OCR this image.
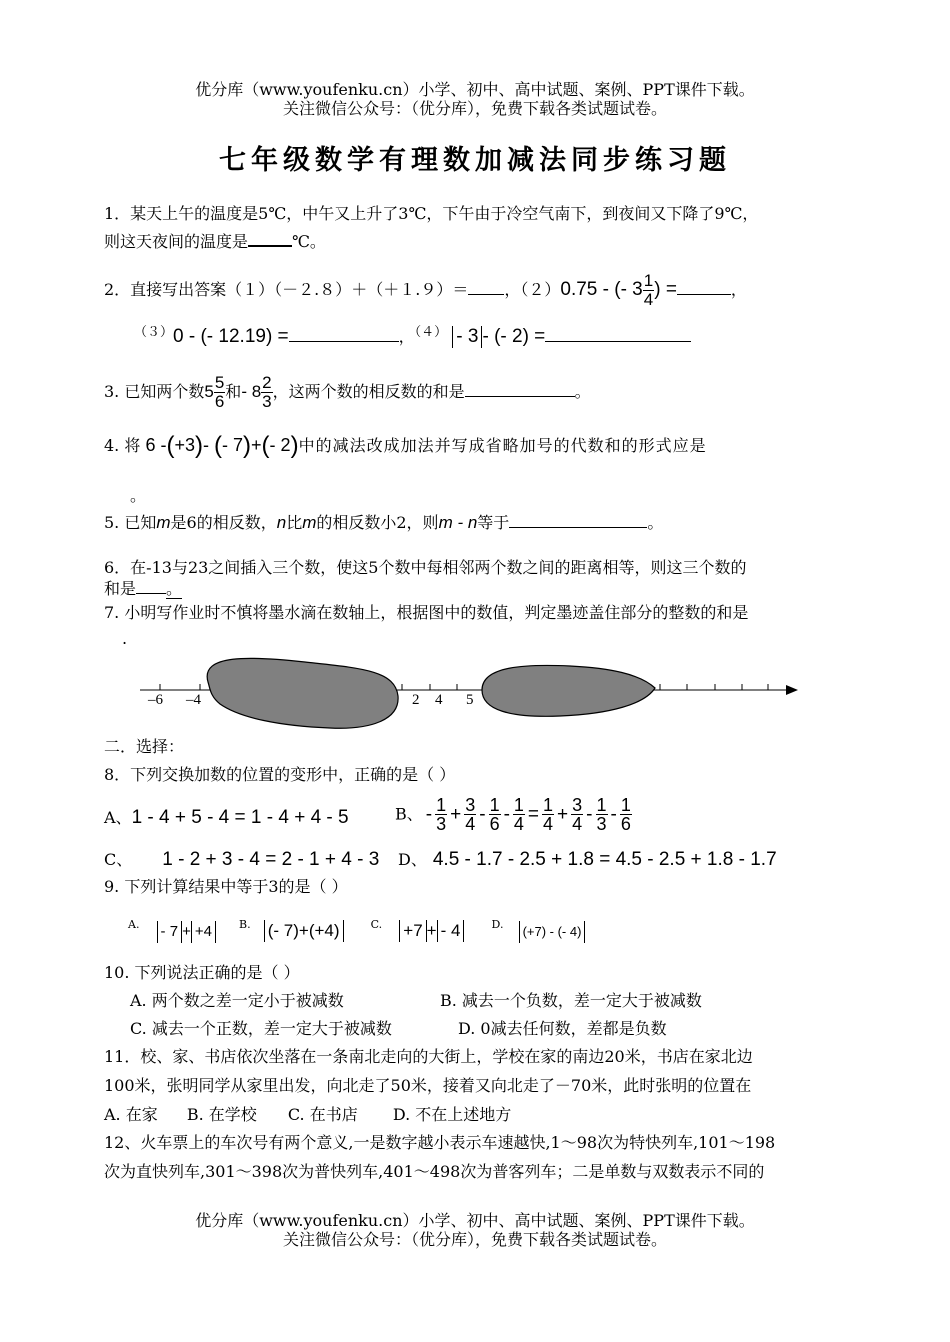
优分库（www.youfenku.cn）小学、初中、高中试题、案例、PPT课件下载。
关注微信公众号：（优分库），免费下载各类试题试卷。
七年级数学有理数加减法同步练习题
1．某天上午的温度是5℃，中午又上升了3℃，下午由于冷空气南下，到夜间又下降了9℃，
则这天夜间的温度是	℃。
2．直接写出答案（１）（－２.８）＋（＋１.９）＝ ，（２）0.75 - (- $3 \frac{1}{4}$ ) =	，
$^{(3)}$0 - (- 12.19) =	，$^{(4)}$ - 3 - (- 2) =
3. 已知两个数$5 \frac{5}{6}$ 和- $8 \frac{2}{3}$ ，这两个数的相反数的和是	。
4. 将 6 -(+3)- (- 7)+(- 2)中的减法改成加法并写成省略加号的代数和的形式应是
。
5. 已知m是6的相反数，n比m的相反数小2，则m - n等于	。
6．在-13与23之间插入三个数，使这5个数中每相邻两个数之间的距离相等，则这三个数的
和是 。
7. 小明写作业时不慎将墨水滴在数轴上，根据图中的数值，判定墨迹盖住部分的整数的和是
.
–6 –4	2 4 5
二．选择：
8．下列交换加数的位置的变形中，正确的是（ ）
A、1 - 4 + 5 - 4 = 1 - 4 + 4 - 5	B、 - $\frac{1}{3} + \frac{3}{4} - \frac{1}{6} - \frac{1}{4} = \frac{1}{4} + \frac{3}{4} - \frac{1}{3} - \frac{1}{6}$
C、 1 - 2 + 3 - 4 = 2 - 1 + 4 - 3 D、 4.5 - 1.7 - 2.5 + 1.8 = 4.5 - 2.5 + 1.8 - 1.7
9. 下列计算结果中等于3的是（ ）
$^{A.}$ - 7 + +4 $^{B.}$ (- 7)+(+4)	$^{C.}$ +7 + - 4	$^{D.}$ (+7) - (- 4)
10. 下列说法正确的是（ ）
A. 两个数之差一定小于被减数	B. 减去一个负数，差一定大于被减数
C. 减去一个正数，差一定大于被减数	D. 0减去任何数，差都是负数
11．校、家、书店依次坐落在一条南北走向的大街上，学校在家的南边20米，书店在家北边
100米，张明同学从家里出发，向北走了50米，接着又向北走了－70米，此时张明的位置在
A. 在家 B. 在学校 C. 在书店 D. 不在上述地方
12、火车票上的车次号有两个意义,一是数字越小表示车速越快,1～98次为特快列车,101～198
次为直快列车,301～398次为普快列车,401～498次为普客列车；二是单数与双数表示不同的
优分库（www.youfenku.cn）小学、初中、高中试题、案例、PPT课件下载。
关注微信公众号：（优分库），免费下载各类试题试卷。
